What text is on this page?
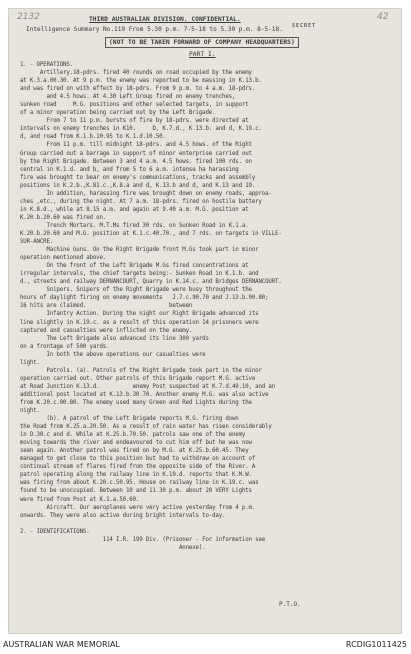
2132	42
THIRD AUSTRALIAN DIVISION. CONFIDENTIAL.
SECRET
Intelligence Summary No.119 From 5.30 p.m. 7-5-18 to 5.30 p.m. 8-5-18.
(NOT TO BE TAKEN FORWARD OF COMPANY HEADQUARTERS)
PART I.
1. - OPERATIONS.
Artillery.18-pdrs. fired 40 rounds on road occupied by the enemy
at K.3.a.00.30. At 9 p.m. the enemy was reported to be massing in K.13.b.
and was fired on with effect by 18-pdrs. From 9 p.m. to 4 a.m. 18-pdrs.
and 4.5 hows. At 4.30 Left Group fired on enemy trenches,
sunken road     M.G. positions and other selected targets, in support
of a minor operation being carried out by the Left Brigade.
From 7 to 11 p.m. bursts of fire by 18-pdrs. were directed at
intervals on enemy trenches in K10.     D, K.7.d., K.13.b. and d, K.19.c.
d, and road from K.1.b.10.95 to K.1.d.10.50.
From 11 p.m. till midnight 18-pdrs. and 4.5 hows. of the Right
Group carried out a barrage in support of minor enterprise carried out
by the Right Brigade. Between 3 and 4 a.m. 4.5 hows. fired 100 rds. on
central in K.1.d. and b, and from 5 to 6 a.m. intense ha harassing
fire was brought to bear on enemy's communications, tracks and assembly
positions in K.2.b.,K.81.c.,K.8.a and d, K.13.b and d, and K.13 and 19.
In addition, harassing fire was brought down on enemy roads, approa-
ches ,etc., during the night. At 7 a.m. 18-pdrs. fired on hostile battery
in K.8.d., while at 8.15 a.m. and again at 9.40 a.m. M.G. position at
K.20.b.20.60 was fired on.
Trench Mortars. M.T.Ms fired 30 rds. on Sunken Road in K.1.a.
K.20.b.20.60 and M.G. position at K.1.c.40.70., and 7 rds. on targets in VILLE-
SUR-ANCRE.
Machine Guns. On the Right Brigade front M.Gs took part in minor
operation mentioned above.
On the front of the Left Brigade M.Gs fired concentrations at
irregular intervals, the chief targets being:- Sunken Road in K.1.b. and
d., streets and railway DERNANCOURT, Quarry in K.14.c. and Bridges DERNANCOURT.
Snipers. Snipers of the Right Brigade were busy throughout the
hours of daylight firing on enemy movements   J.7.c.90.70 and J.13.b.00.80;
16 hits are claimed.                         between
Infantry Action. During the night our Right Brigade advanced its
line slightly in K.19.c. as a result of this operation 14 prisoners were
captured and casualties were inflicted on the enemy.
The Left Brigade also advanced its line 300 yards
on a frontage of 500 yards.
In both the above operations our casualties were
light.
Patrols. (a). Patrols of the Right Brigade took part in the minor
operation carried out. Other patrols of this Brigade report M.G. active
at Road Junction K.13.d.          enemy Post suspected at K.7.d.40.10, and an
additional post located at K.13.b.30.70. Another enemy M.G. was also active
from K.20.c.00.80. The enemy used many Green and Red Lights during the
night.
(b). A patrol of the Left Brigade reports M.G. firing down
the Road from K.25.a.20.50. As a result of rain water has risen considerably
in D.30.c and d. While at K.25.b.70.50. patrols saw one of the enemy
moving towards the river and endeavoured to cut him off but he was now
seen again. Another patrol was fired on by M.G. at K.25.b.60.45. They
managed to get close to this position but had to withdraw on account of
continual stream of flares fired from the opposite side of the River. A
patrol operating along the railway line in K.19.d. reports that K.M.W.
was firing from about K.20.c.50.95. House on railway line in K.19.c. was
found to be unoccupied. Between 10 and 11.30 p.m. about 20 VERY Lights
were fired from Post at K.1.a.50.60.
Aircraft. Our aeroplanes were very active yesterday from 4 p.m.
onwards. They were also active during bright intervals to-day.

2. - IDENTIFICATIONS.
114 I.R. 199 Div. (Prisoner - For information see
Annexe).
P.T.O.
AUSTRALIAN WAR MEMORIAL	RCDIG1011425
